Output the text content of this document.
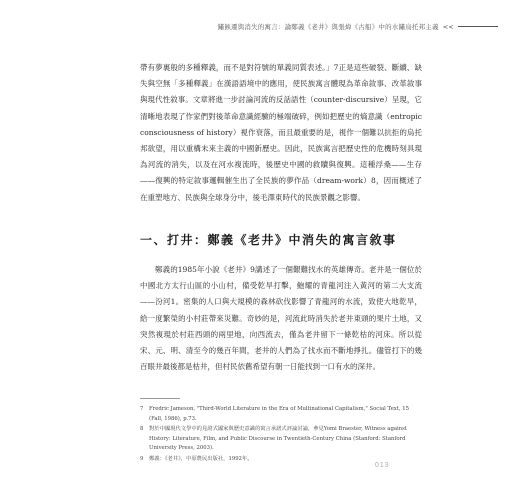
鏽蝕遷與消失的寓言：論鄭義《老井》與張煒《古船》中的水鏽烏托邦主義 <<

帶有夢裏般的多種釋義，而不是對符號的單義同質表述。」7正是這些破裂、斷續、缺失與空無「多種釋義」在漢語語境中的應用，使民族寓言體現為革命敘事、改革敘事與現代性敘事。文章將進一步討論河流的反話語性（counter-discursive）呈現，它清晰地表現了作家們對後革命意識經驗的極端破碎，例如把歷史的熵意識（entropic consciousness of history）視作衰落，而且最重要的是，視作一個難以抗拒的烏托邦欲望，用以重構未來主義的中國新歷史。因此，民族寓言把歷史性的危機時刻具現為河流的消失，以及在河水複流時，後歷史中國的救贖與復興。這種浮桑——生存——復興的特定敘事邏輯催生出了全民族的夢作品（dream-work）8，因而概述了在重塑地方、民族與全球身分中，後毛澤東時代的民族景觀之影響。

一、打井：鄭義《老井》中消失的寓言敘事

鄭義的1985年小說《老井》9講述了一個艱難找水的英雄傳奇。老井是一個位於中國北方太行山區的小山村，備受乾旱打擊，鮑耀的青龍河注入黃河的第二大支流——汾河1。密集的人口與大規模的森林砍伐影響了青龍河的水流，致使大地乾旱，給一度繁榮的小村莊帶來災難。奇妙的是，河流此時消失於老井東頭的果片土地，又突然複現於村莊西頭的兩里地，向西流去，僅為老井留下一條乾枯的河床。所以從宋、元、明、清至今的幾百年間，老井的人們為了找水而不斷地掙扎。儘管打下的幾百眼井最後都是枯井，但村民依舊希望有朝一日能找到一口有水的深井。

7	Fredric Jameson, "Third-World Literature in the Era of Multinational Capitalism," Social Text, 15 (Fall, 1986), p.73.
8	對於中國現代文學中的見證式國家與歷史意識的寓言承諾式評論討論，參見Yomi Braester, Witness against History: Literature, Film, and Public Discourse in Twentieth-Century China (Stanford: Stanford University Press, 2003).
9	鄭義：《老井》，中原農民出版社，1992年。
013
